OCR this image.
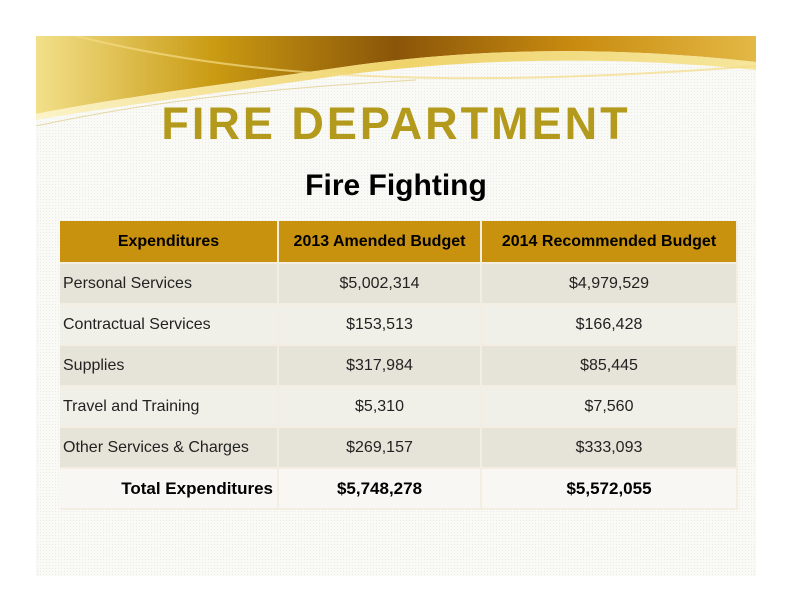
FIRE DEPARTMENT
Fire Fighting
Expenditures	2013 Amended Budget	2014 Recommended Budget
Personal Services	$5,002,314	$4,979,529
Contractual Services	$153,513	$166,428
Supplies	$317,984	$85,445
Travel and Training	$5,310	$7,560
Other Services & Charges	$269,157	$333,093
Total Expenditures	$5,748,278	$5,572,055
